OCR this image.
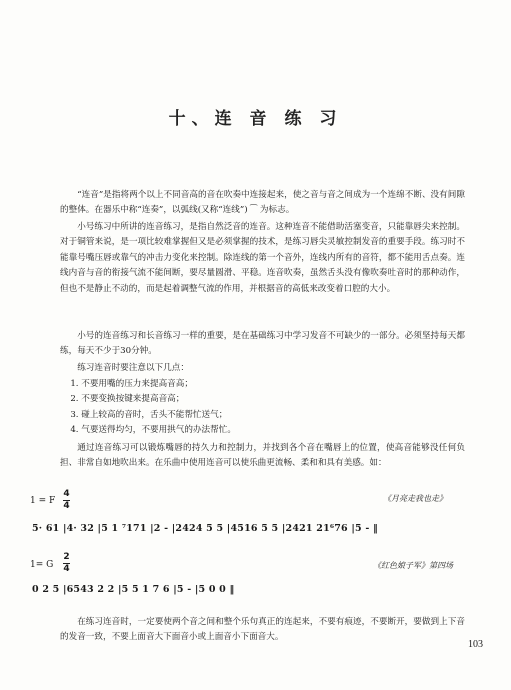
十、连 音 练 习

“连音”是指将两个以上不同音高的音在吹奏中连接起来，使之音与音之间成为一个连绵不断、没有间隙的整体。在器乐中称“连奏”，以弧线(又称“连线”) ⁀ 为标志。

小号练习中所讲的连音练习，是指自然泛音的连音。这种连音不能借助活塞变音，只能靠唇尖来控制。对于铜管来说，是一项比较难掌握但又是必须掌握的技术，是练习唇尖灵敏控制发音的重要手段。练习时不能靠号嘴压唇或靠气的冲击力变化来控制。除连线的第一个音外，连线内所有的音符，都不能用舌点奏。连线内音与音的衔接气流不能间断，要尽量圆滑、平稳。连音吹奏，虽然舌头没有像吹奏吐音时的那种动作，但也不是静止不动的，而是起着调整气流的作用，并根据音的高低来改变着口腔的大小。

小号的连音练习和长音练习一样的重要，是在基础练习中学习发音不可缺少的一部分。必须坚持每天都练，每天不少于30分钟。

练习连音时要注意以下几点：

1. 不要用嘴的压力来提高音高；
2. 不要变换按键来提高音高；
3. 碰上较高的音时，舌头不能帮忙送气；
4. 气要送得均匀，不要用拱气的办法帮忙。

通过连音练习可以锻炼嘴唇的持久力和控制力，并找到各个音在嘴唇上的位置，使高音能够没任何负担、非常自如地吹出来。在乐曲中使用连音可以使乐曲更流畅、柔和和具有美感。如：

1 = F
4
4
《月亮走我也走》
5· 61 |4· 32 |5 1 ⁷171 |2 - |2424 5 5 |4516 5 5 |2421 21⁶76 |5 - ‖
1= G
2
4	《红色娘子军》第四场
0 2 5 |6543 2 2 |5 5 1 7 6 |5 - |5 0 0 ‖

在练习连音时，一定要使两个音之间和整个乐句真正的连起来，不要有痕迹，不要断开，要做到上下音的发音一致，不要上面音大下面音小或上面音小下面音大。

103
